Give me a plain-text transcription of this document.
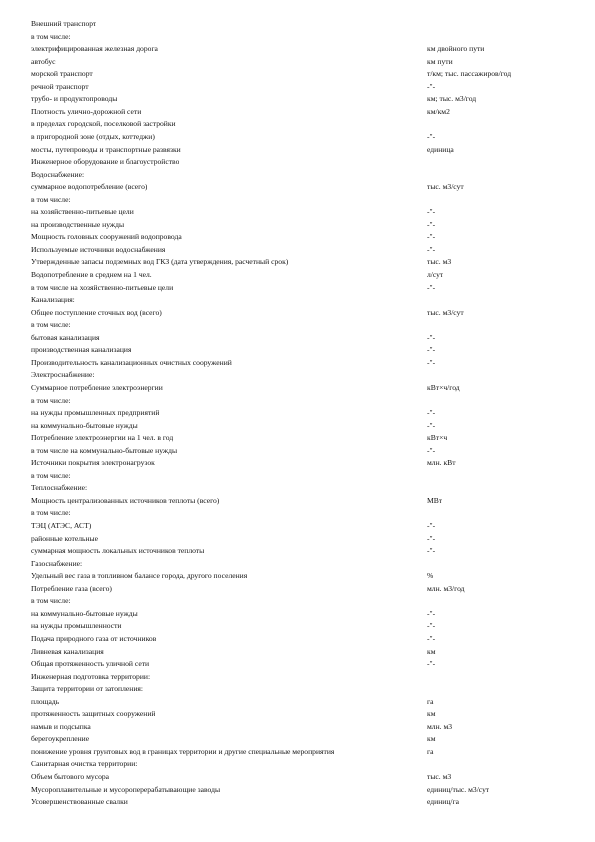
Внешний транспорт
в том числе:
электрифицированная железная дорога	км двойного пути
автобус	км пути
морской транспорт	т/км; тыс. пассажиров/год
речной транспорт	-"-
трубо- и продуктопроводы	км; тыс. м3/год
Плотность улично-дорожной сети	км/км2
в пределах городской, поселковой застройки
в пригородной зоне (отдых, коттеджи)	-"-
мосты, путепроводы и транспортные развязки	единица
Инженерное оборудование и благоустройство
Водоснабжение:
суммарное водопотребление (всего)	тыс. м3/сут
в том числе:
на хозяйственно-питьевые цели	-"-
на производственные нужды	-"-
Мощность головных сооружений водопровода	-"-
Используемые источники водоснабжения	-"-
Утвержденные запасы подземных вод ГКЗ (дата утверждения, расчетный срок)	тыс. м3
Водопотребление в среднем на 1 чел.	л/сут
в том числе на хозяйственно-питьевые цели	-"-
Канализация:
Общее поступление сточных вод (всего)	тыс. м3/сут
в том числе:
бытовая канализация	-"-
производственная канализация	-"-
Производительность канализационных очистных сооружений	-"-
Электроснабжение:
Суммарное потребление электроэнергии	кВт×ч/год
в том числе:
на нужды промышленных предприятий	-"-
на коммунально-бытовые нужды	-"-
Потребление электроэнергии на 1 чел. в год	кВт×ч
в том числе на коммунально-бытовые нужды	-"-
Источники покрытия электронагрузок	млн. кВт
в том числе:
Теплоснабжение:
Мощность централизованных источников теплоты (всего)	МВт
в том числе:
ТЭЦ (АТЭС, АСТ)	-"-
районные котельные	-"-
суммарная мощность локальных источников теплоты	-"-
Газоснабжение:
Удельный вес газа в топливном балансе города, другого поселения	%
Потребление газа (всего)	млн. м3/год
в том числе:
на коммунально-бытовые нужды	-"-
на нужды промышленности	-"-
Подача природного газа от источников	-"-
Ливневая канализация	км
Общая протяженность уличной сети	-"-
Инженерная подготовка территории:
Защита территории от затопления:
площадь	га
протяженность защитных сооружений	км
намыв и подсыпка	млн. м3
берегоукрепление	км
понижение уровня грунтовых вод в границах территории и другие специальные мероприятия	га
Санитарная очистка территории:
Объем бытового мусора	тыс. м3
Мусороплавительные и мусороперерабатывающие заводы	единиц/тыс. м3/сут
Усовершенствованные свалки	единиц/га
